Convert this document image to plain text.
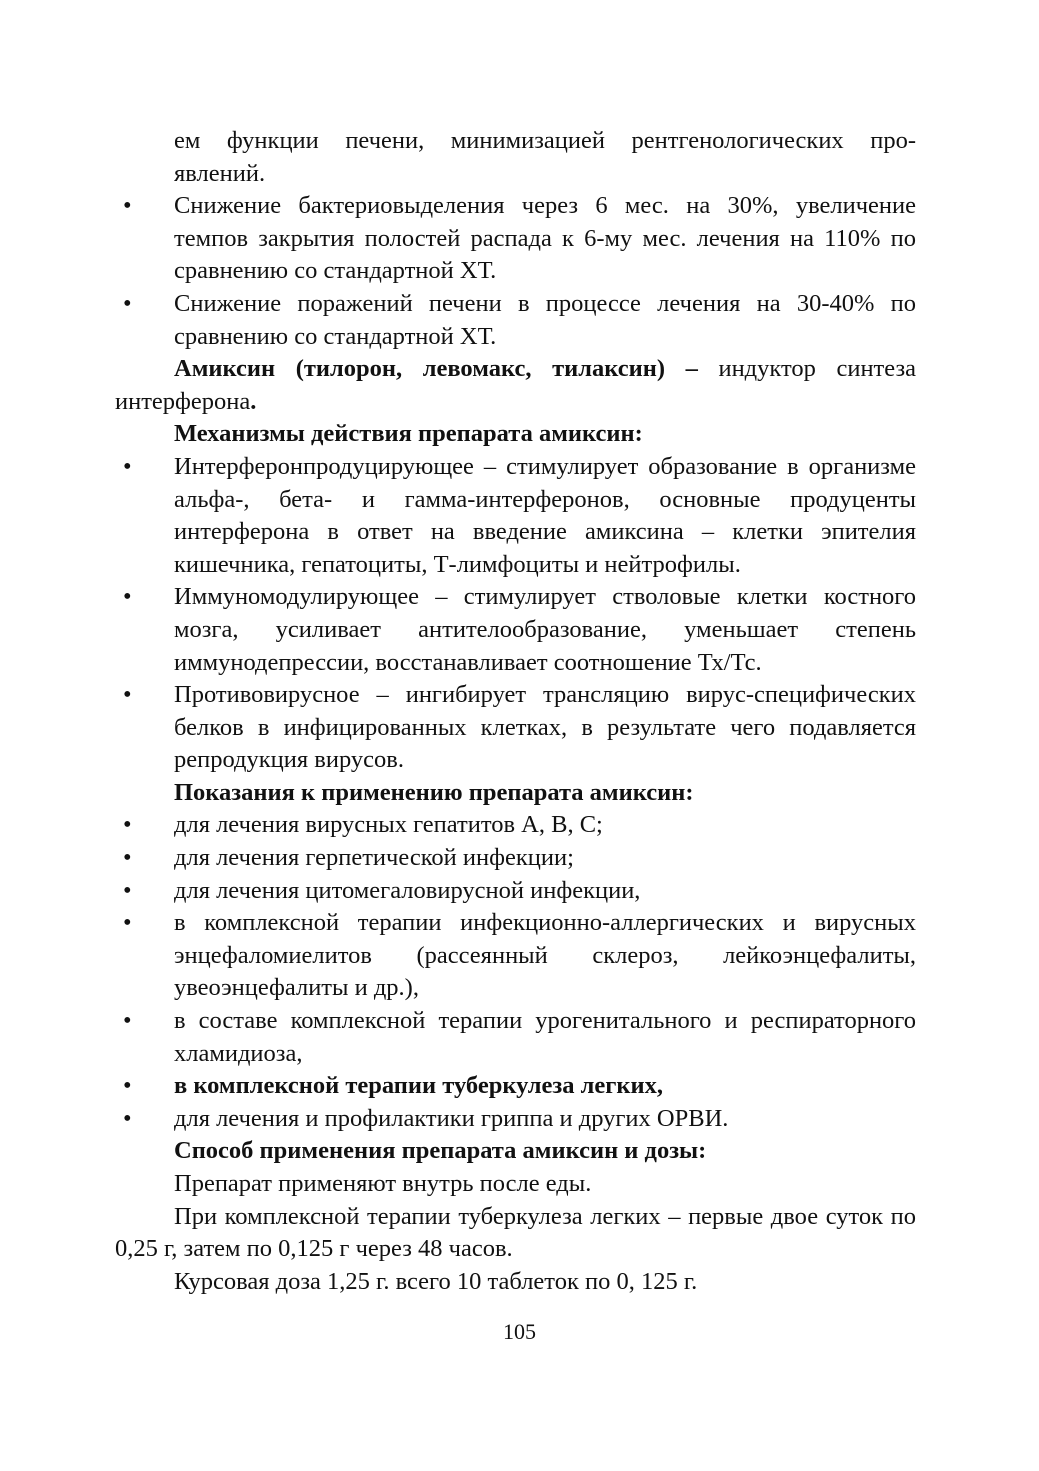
ем функции печени, минимизацией рентгенологических про-

явлений.

• Снижение бактериовыделения через 6 мес. на 30%, увеличение темпов закрытия полостей распада к 6-му мес. лечения на 110% по сравнению со стандартной ХТ.
• Снижение поражений печени в процессе лечения на 30-40% по сравнению со стандартной ХТ.

Амиксин (тилорон, левомакс, тилаксин) – индуктор синтеза интерферона.

Механизмы действия препарата амиксин:

• Интерферонпродуцирующее – стимулирует образование в организме альфа-, бета- и гамма-интерферонов, основные продуценты интерферона в ответ на введение амиксина – клетки эпителия кишечника, гепатоциты, Т-лимфоциты и нейтрофилы.
• Иммуномодулирующее – стимулирует стволовые клетки костного мозга, усиливает антителообразование, уменьшает степень иммунодепрессии, восстанавливает соотношение Тх/Тс.
• Противовирусное – ингибирует трансляцию вирус-специфических белков в инфицированных клетках, в результате чего подавляется репродукция вирусов.

Показания к применению препарата амиксин:

• для лечения вирусных гепатитов А, В, С;
• для лечения герпетической инфекции;
• для лечения цитомегаловирусной инфекции,
• в комплексной терапии инфекционно-аллергических и вирусных энцефаломиелитов (рассеянный склероз, лейкоэнцефалиты, увеоэнцефалиты и др.),
• в составе комплексной терапии урогенитального и респираторного хламидиоза,
• в комплексной терапии туберкулеза легких,
• для лечения и профилактики гриппа и других ОРВИ.

Способ применения препарата амиксин и дозы:

Препарат применяют внутрь после еды.

При комплексной терапии туберкулеза легких – первые двое суток по 0,25 г, затем по 0,125 г через 48 часов.

Курсовая доза 1,25 г. всего 10 таблеток по 0, 125 г.

105
